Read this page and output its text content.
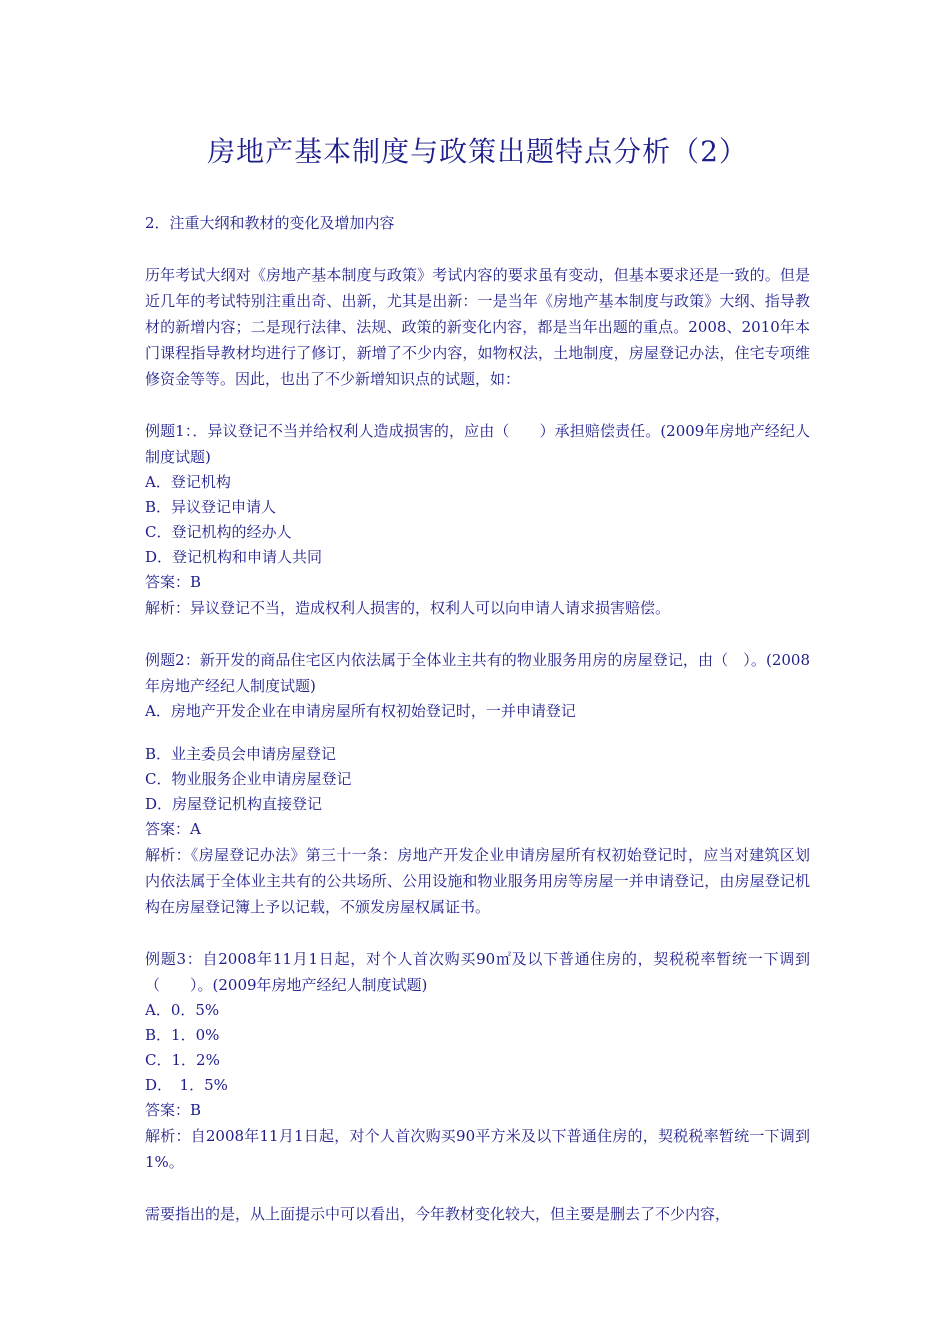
房地产基本制度与政策出题特点分析（2）

2．注重大纲和教材的变化及增加内容

历年考试大纲对《房地产基本制度与政策》考试内容的要求虽有变动，但基本要求还是一致的。但是近几年的考试特别注重出奇、出新，尤其是出新：一是当年《房地产基本制度与政策》大纲、指导教材的新增内容；二是现行法律、法规、政策的新变化内容，都是当年出题的重点。2008、2010年本门课程指导教材均进行了修订，新增了不少内容，如物权法，土地制度，房屋登记办法，住宅专项维修资金等等。因此，也出了不少新增知识点的试题，如：

例题1：．异议登记不当并给权利人造成损害的，应由（　　）承担赔偿责任。(2009年房地产经纪人制度试题)

A．登记机构
B．异议登记申请人
C．登记机构的经办人
D．登记机构和申请人共同
答案：B

解析：异议登记不当，造成权利人损害的，权利人可以向申请人请求损害赔偿。

例题2：新开发的商品住宅区内依法属于全体业主共有的物业服务用房的房屋登记，由（　）。(2008年房地产经纪人制度试题)

A．房地产开发企业在申请房屋所有权初始登记时，一并申请登记
B．业主委员会申请房屋登记
C．物业服务企业申请房屋登记
D．房屋登记机构直接登记
答案：A

解析：《房屋登记办法》第三十一条：房地产开发企业申请房屋所有权初始登记时，应当对建筑区划内依法属于全体业主共有的公共场所、公用设施和物业服务用房等房屋一并申请登记，由房屋登记机构在房屋登记簿上予以记载，不颁发房屋权属证书。

例题3：自2008年11月1日起，对个人首次购买90㎡及以下普通住房的，契税税率暂统一下调到（　　）。(2009年房地产经纪人制度试题)

A．0．5%
B．1．0%
C．1．2%
D．　1．5%
答案：B

解析：自2008年11月1日起，对个人首次购买90平方米及以下普通住房的，契税税率暂统一下调到1%。

需要指出的是，从上面提示中可以看出，今年教材变化较大，但主要是删去了不少内容，
